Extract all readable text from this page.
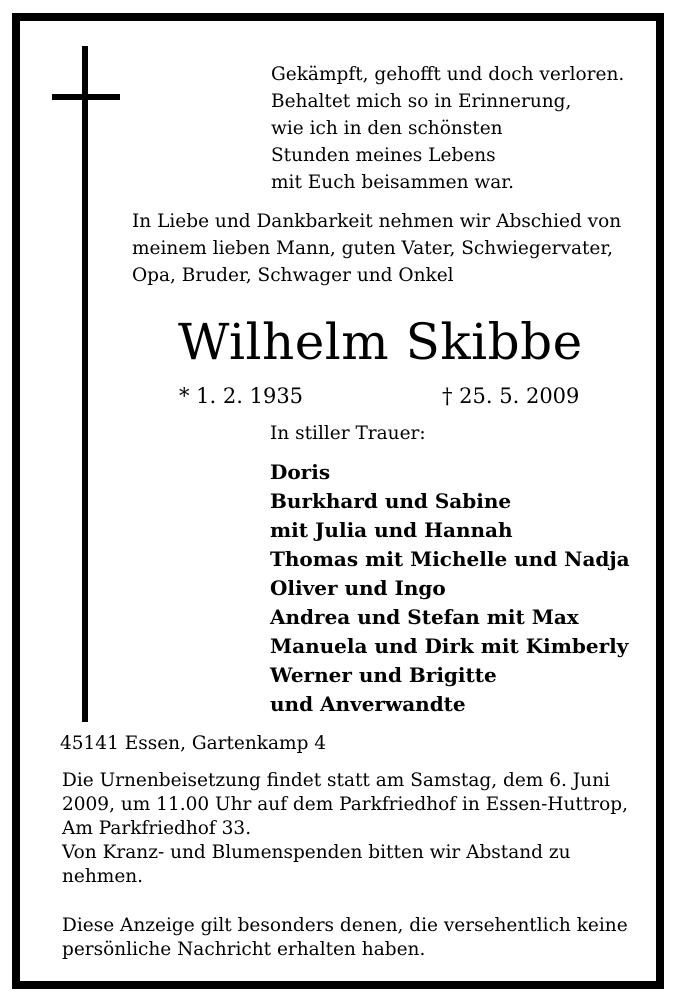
Gekämpft, gehofft und doch verloren.
Behaltet mich so in Erinnerung,
wie ich in den schönsten
Stunden meines Lebens
mit Euch beisammen war.
In Liebe und Dankbarkeit nehmen wir Abschied von
meinem lieben Mann, guten Vater, Schwiegervater,
Opa, Bruder, Schwager und Onkel
Wilhelm Skibbe
* 1. 2. 1935	† 25. 5. 2009
In stiller Trauer:
Doris
Burkhard und Sabine
mit Julia und Hannah
Thomas mit Michelle und Nadja
Oliver und Ingo
Andrea und Stefan mit Max
Manuela und Dirk mit Kimberly
Werner und Brigitte
und Anverwandte
45141 Essen, Gartenkamp 4
Die Urnenbeisetzung findet statt am Samstag, dem 6. Juni
2009, um 11.00 Uhr auf dem Parkfriedhof in Essen-Huttrop,
Am Parkfriedhof 33.
Von Kranz- und Blumenspenden bitten wir Abstand zu
nehmen.
Diese Anzeige gilt besonders denen, die versehentlich keine
persönliche Nachricht erhalten haben.
